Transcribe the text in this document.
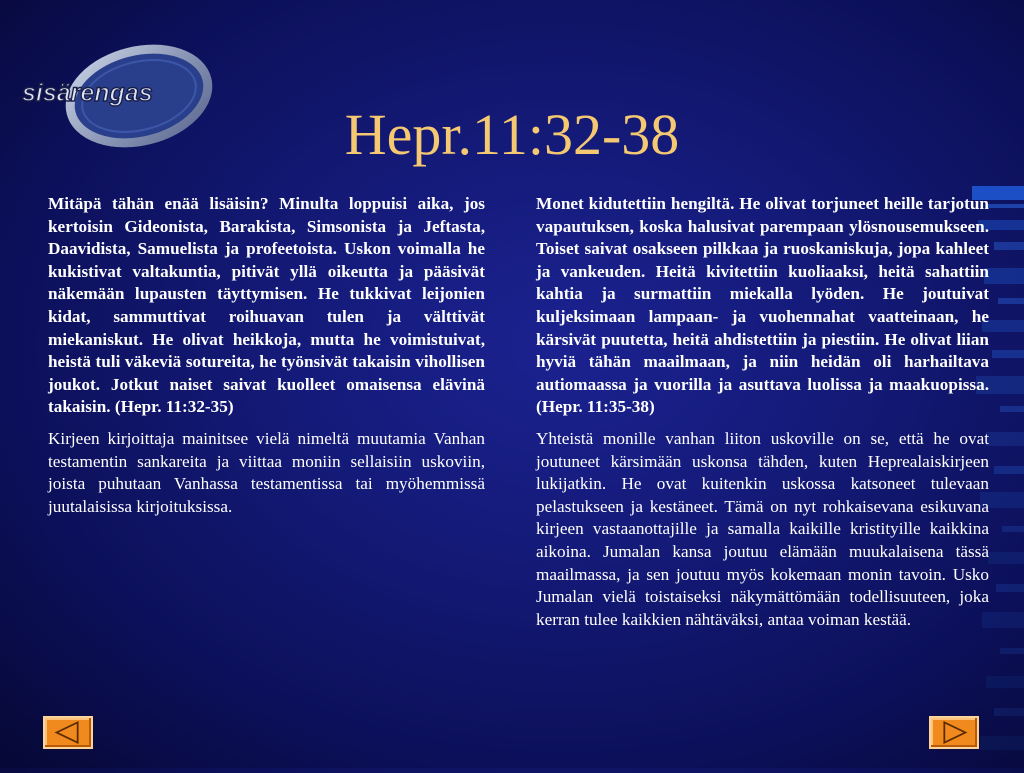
sisärengas
Hepr.11:32-38

Mitäpä tähän enää lisäisin? Minulta loppuisi aika, jos kertoisin Gideonista, Barakista, Simsonista ja Jeftasta, Daavidista, Samuelista ja profeetoista. Uskon voimalla he kukistivat valtakuntia, pitivät yllä oikeutta ja pääsivät näkemään lupausten täyttymisen. He tukkivat leijonien kidat, sammuttivat roihuavan tulen ja välttivät miekaniskut. He olivat heikkoja, mutta he voimistuivat, heistä tuli väkeviä sotureita, he työnsivät takaisin vihollisen joukot. Jotkut naiset saivat kuolleet omaisensa elävinä takaisin. (Hepr. 11:32-35)

Kirjeen kirjoittaja mainitsee vielä nimeltä muutamia Vanhan testamentin sankareita ja viittaa moniin sellaisiin uskoviin, joista puhutaan Vanhassa testamentissa tai myöhemmissä juutalaisissa kirjoituksissa.

Monet kidutettiin hengiltä. He olivat torjuneet heille tarjotun vapautuksen, koska halusivat parempaan ylösnousemukseen. Toiset saivat osakseen pilkkaa ja ruoskaniskuja, jopa kahleet ja vankeuden. Heitä kivitettiin kuoliaaksi, heitä sahattiin kahtia ja surmattiin miekalla lyöden. He joutuivat kuljeksimaan lampaan- ja vuohennahat vaatteinaan, he kärsivät puutetta, heitä ahdistettiin ja piestiin. He olivat liian hyviä tähän maailmaan, ja niin heidän oli harhailtava autiomaassa ja vuorilla ja asuttava luolissa ja maakuopissa. (Hepr. 11:35-38)

Yhteistä monille vanhan liiton uskoville on se, että he ovat joutuneet kärsimään uskonsa tähden, kuten Heprealaiskirjeen lukijatkin. He ovat kuitenkin uskossa katsoneet tulevaan pelastukseen ja kestäneet. Tämä on nyt rohkaisevana esikuvana kirjeen vastaanottajille ja samalla kaikille kristityille kaikkina aikoina. Jumalan kansa joutuu elämään muukalaisena tässä maailmassa, ja sen joutuu myös kokemaan monin tavoin. Usko Jumalan vielä toistaiseksi näkymättömään todellisuuteen, joka kerran tulee kaikkien nähtäväksi, antaa voiman kestää.
